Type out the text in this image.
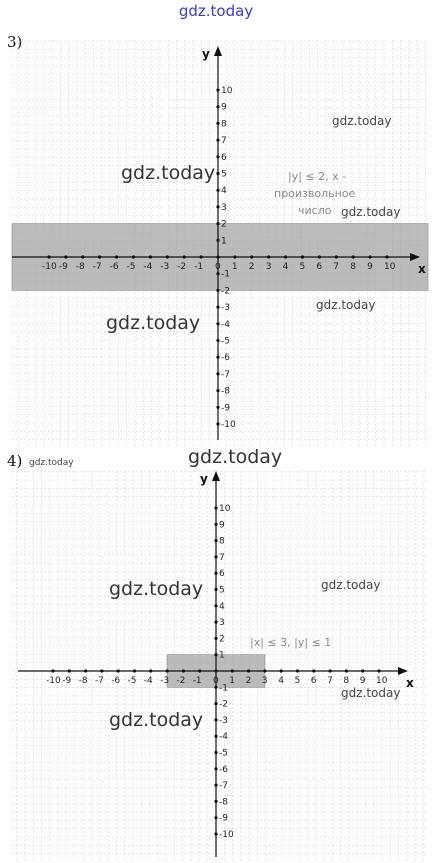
gdz.today
3)
x
y
-10 -9 -8 -7 -6 -5 -4 -3 -2 -1 0 1 2 3 4 5 6 7 8 9 10
10
9
8
7
6
5
4
3
2
1
-1
-2
-3
-4
-5
-6
-7
-8
-9
-10
|y| ≤ 2, x -
произвольное
число
gdz.today
gdz.today
gdz.today
gdz.today
gdz.today
4) gdz.today
x
y
-10 -9 -8 -7 -6 -5 -4 -3 -2 -1 0 1 2 3 4 5 6 7 8 9 10
10
9
8
7
6
5
4
3
2
1
-1
-2
-3
-4
-5
-6
-7
-8
-9
-10
|x| ≤ 3, |y| ≤ 1
gdz.today
gdz.today	gdz.today
gdz.today
gdz.today
